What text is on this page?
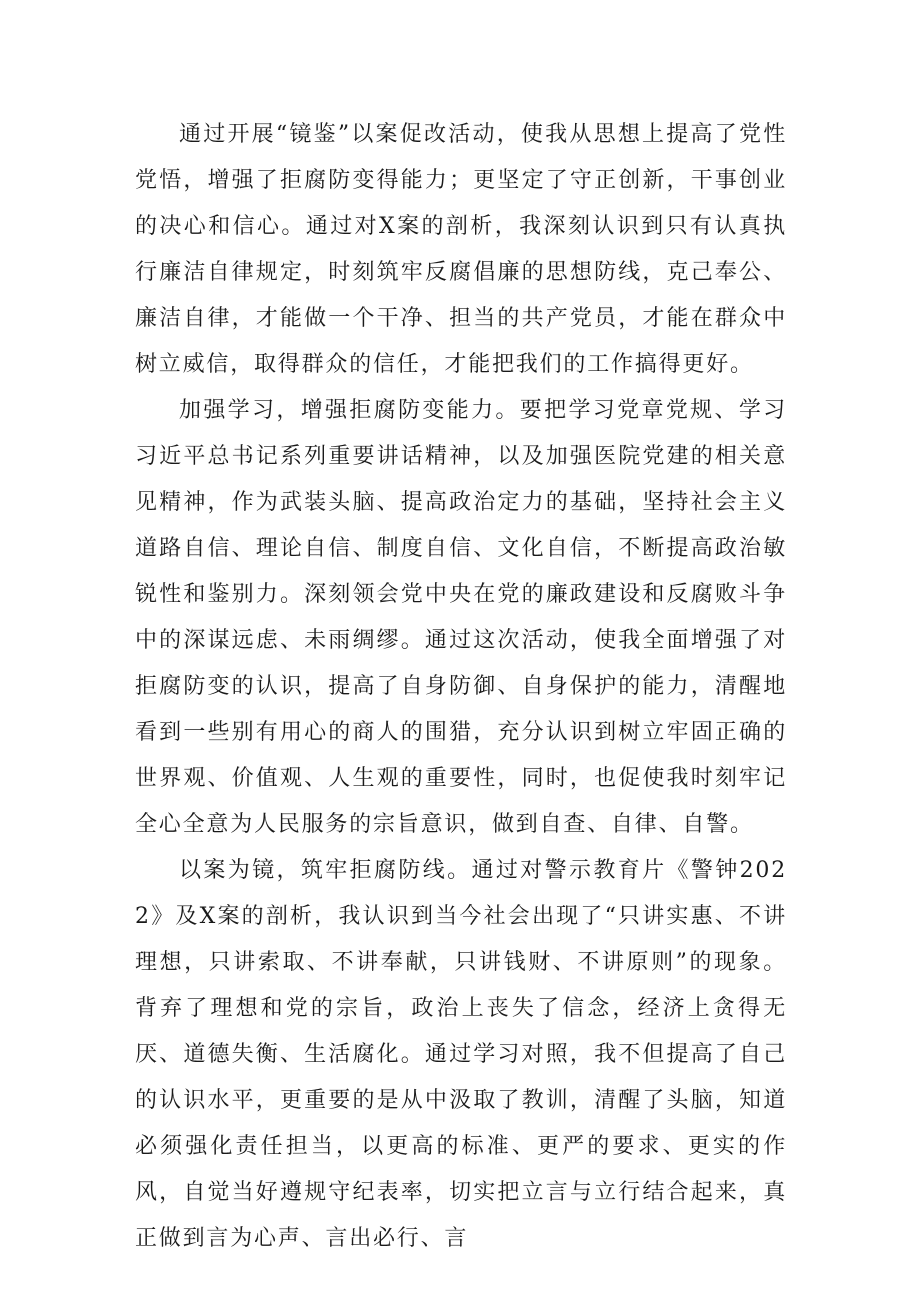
通过开展“镜鉴”以案促改活动，使我从思想上提高了党性党悟，增强了拒腐防变得能力；更坚定了守正创新，干事创业的决心和信心。通过对X案的剖析，我深刻认识到只有认真执行廉洁自律规定，时刻筑牢反腐倡廉的思想防线，克己奉公、廉洁自律，才能做一个干净、担当的共产党员，才能在群众中树立威信，取得群众的信任，才能把我们的工作搞得更好。

加强学习，增强拒腐防变能力。要把学习党章党规、学习习近平总书记系列重要讲话精神，以及加强医院党建的相关意见精神，作为武装头脑、提高政治定力的基础，坚持社会主义道路自信、理论自信、制度自信、文化自信，不断提高政治敏锐性和鉴别力。深刻领会党中央在党的廉政建设和反腐败斗争中的深谋远虑、未雨绸缪。通过这次活动，使我全面增强了对拒腐防变的认识，提高了自身防御、自身保护的能力，清醒地看到一些别有用心的商人的围猎，充分认识到树立牢固正确的世界观、价值观、人生观的重要性，同时，也促使我时刻牢记全心全意为人民服务的宗旨意识，做到自查、自律、自警。

以案为镜，筑牢拒腐防线。通过对警示教育片《警钟2022》及X案的剖析，我认识到当今社会出现了“只讲实惠、不讲理想，只讲索取、不讲奉献，只讲钱财、不讲原则”的现象。背弃了理想和党的宗旨，政治上丧失了信念，经济上贪得无厌、道德失衡、生活腐化。通过学习对照，我不但提高了自己的认识水平，更重要的是从中汲取了教训，清醒了头脑，知道必须强化责任担当，以更高的标准、更严的要求、更实的作风，自觉当好遵规守纪表率，切实把立言与立行结合起来，真正做到言为心声、言出必行、言
